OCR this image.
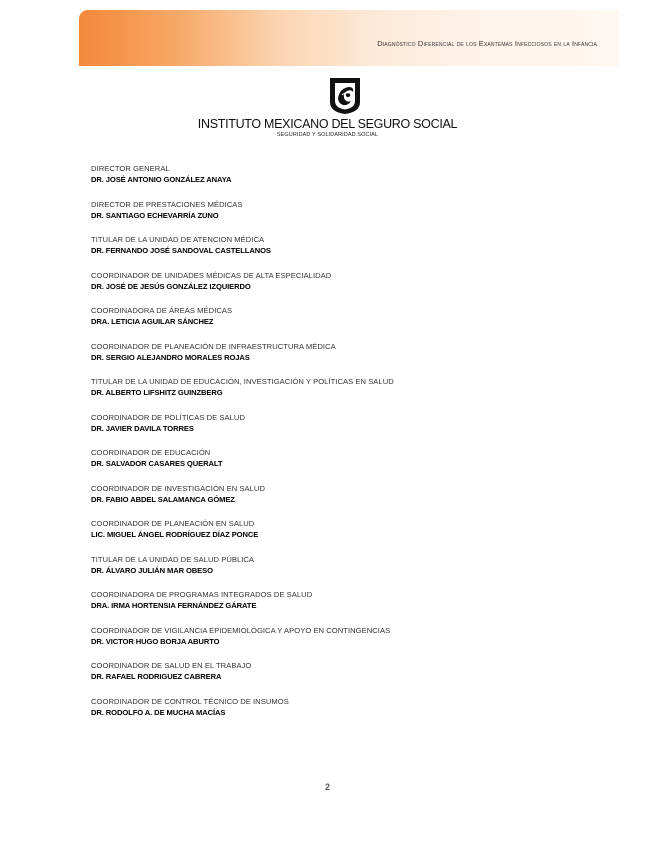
Diagnóstico Diferencial de los Exantemas Infecciosos en la Infancia
INSTITUTO MEXICANO DEL SEGURO SOCIAL
SEGURIDAD Y SOLIDARIDAD SOCIAL
DIRECTOR GENERAL
DR. JOSÉ ANTONIO GONZÁLEZ ANAYA
DIRECTOR DE PRESTACIONES MÉDICAS
DR. SANTIAGO ECHEVARRÍA ZUNO
TITULAR DE LA UNIDAD DE ATENCION MÉDICA
DR. FERNANDO JOSÉ SANDOVAL CASTELLANOS
COORDINADOR DE UNIDADES MÉDICAS DE ALTA ESPECIALIDAD
DR. JOSÉ DE JESÚS GONZÁLEZ IZQUIERDO
COORDINADORA DE ÁREAS MÉDICAS
DRA. LETICIA AGUILAR SÁNCHEZ
COORDINADOR DE PLANEACIÓN DE INFRAESTRUCTURA MÉDICA
DR. SERGIO ALEJANDRO MORALES ROJAS
TITULAR DE LA UNIDAD DE EDUCACIÓN, INVESTIGACIÓN Y POLÍTICAS EN SALUD
DR. ALBERTO LIFSHITZ GUINZBERG
COORDINADOR DE POLÍTICAS DE SALUD
DR. JAVIER DAVILA TORRES
COORDINADOR DE EDUCACIÓN
DR. SALVADOR CASARES QUERALT
COORDINADOR DE INVESTIGACIÓN EN SALUD
DR. FABIO ABDEL SALAMANCA GÓMEZ
COORDINADOR DE PLANEACIÓN EN SALUD
LIC. MIGUEL ÁNGEL RODRÍGUEZ DÍAZ PONCE
TITULAR DE LA UNIDAD DE SALUD PÚBLICA
DR. ÁLVARO JULIÁN MAR OBESO
COORDINADORA DE PROGRAMAS INTEGRADOS DE SALUD
DRA. IRMA HORTENSIA FERNÁNDEZ GÁRATE
COORDINADOR DE VIGILANCIA EPIDEMIOLÓGICA Y APOYO EN CONTINGENCIAS
DR. VICTOR HUGO BORJA ABURTO
COORDINADOR DE SALUD EN EL TRABAJO
DR. RAFAEL RODRIGUEZ CABRERA
COORDINADOR DE CONTROL TÉCNICO DE INSUMOS
DR. RODOLFO A. DE MUCHA MACÍAS
2
